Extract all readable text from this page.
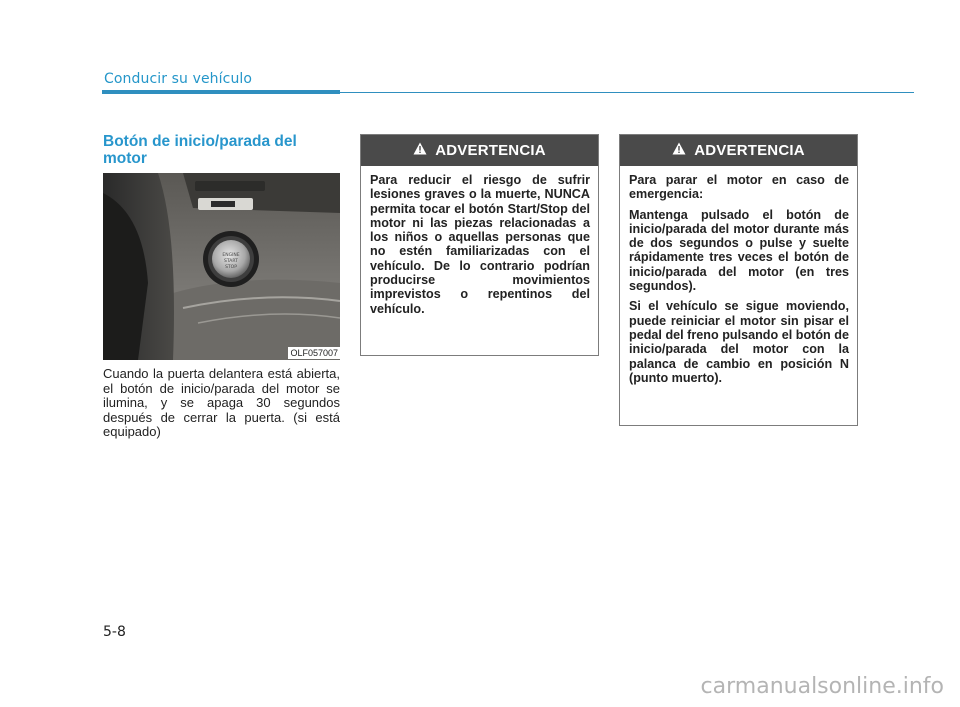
Conducir su vehículo
Botón de inicio/parada del motor
ENGINE
START
STOP
OLF057007
Cuando la puerta delantera está abierta, el botón de inicio/parada del motor se ilumina, y se apaga 30 segundos después de cerrar la puerta. (si está equipado)
ADVERTENCIA

Para reducir el riesgo de sufrir lesiones graves o la muerte, NUNCA permita tocar el botón Start/Stop del motor ni las piezas relacionadas a los niños o aquellas personas que no estén familiarizadas con el vehículo. De lo contrario podrían producirse movimientos imprevistos o repentinos del vehículo.

ADVERTENCIA

Para parar el motor en caso de emergencia:

Mantenga pulsado el botón de inicio/parada del motor durante más de dos segundos o pulse y suelte rápidamente tres veces el botón de inicio/parada del motor (en tres segundos).

Si el vehículo se sigue moviendo, puede reiniciar el motor sin pisar el pedal del freno pulsando el botón de inicio/parada del motor con la palanca de cambio en posición N (punto muerto).

5-8
carmanualsonline.info
